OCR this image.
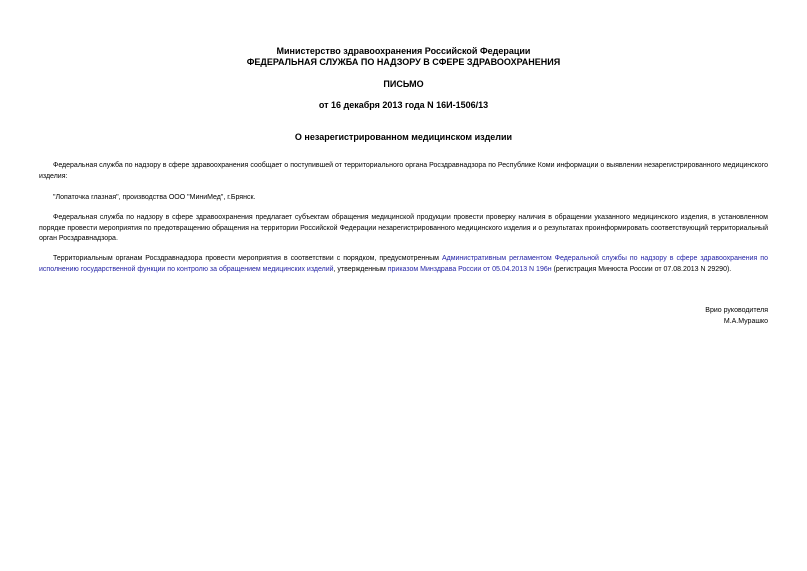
Министерство здравоохранения Российской Федерации
ФЕДЕРАЛЬНАЯ СЛУЖБА ПО НАДЗОРУ В СФЕРЕ ЗДРАВООХРАНЕНИЯ
ПИСЬМО
от 16 декабря 2013 года N 16И-1506/13
О незарегистрированном медицинском изделии

Федеральная служба по надзору в сфере здравоохранения сообщает о поступившей от территориального органа Росздравнадзора по Республике Коми информации о выявлении незарегистрированного медицинского изделия:

"Лопаточка глазная", производства ООО "МиниМед", г.Брянск.

Федеральная служба по надзору в сфере здравоохранения предлагает субъектам обращения медицинской продукции провести проверку наличия в обращении указанного медицинского изделия, в установленном порядке провести мероприятия по предотвращению обращения на территории Российской Федерации незарегистрированного медицинского изделия и о результатах проинформировать соответствующий территориальный орган Росздравнадзора.

Территориальным органам Росздравнадзора провести мероприятия в соответствии с порядком, предусмотренным Административным регламентом Федеральной службы по надзору в сфере здравоохранения по исполнению государственной функции по контролю за обращением медицинских изделий, утвержденным приказом Минздрава России от 05.04.2013 N 196н (регистрация Минюста России от 07.08.2013 N 29290).

Врио руководителя
М.А.Мурашко
